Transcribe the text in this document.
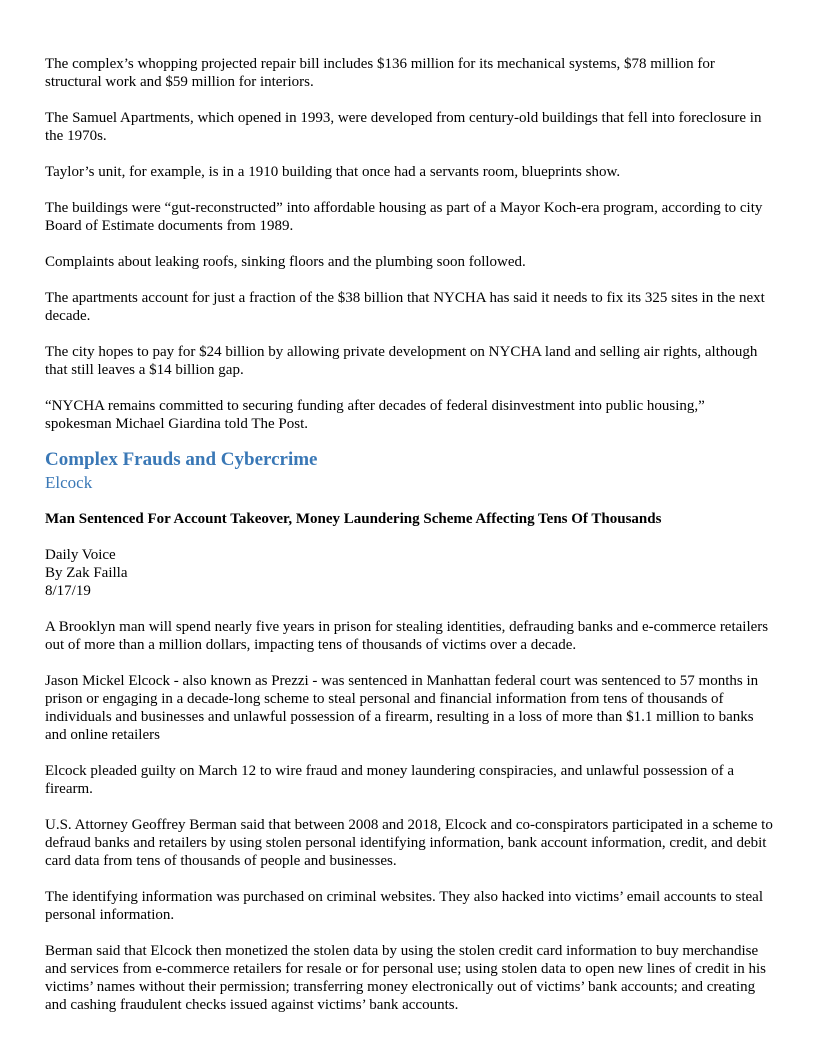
The complex’s whopping projected repair bill includes $136 million for its mechanical systems, $78 million for structural work and $59 million for interiors.

The Samuel Apartments, which opened in 1993, were developed from century-old buildings that fell into foreclosure in the 1970s.

Taylor’s unit, for example, is in a 1910 building that once had a servants room, blueprints show.

The buildings were “gut-reconstructed” into affordable housing as part of a Mayor Koch-era program, according to city Board of Estimate documents from 1989.

Complaints about leaking roofs, sinking floors and the plumbing soon followed.

The apartments account for just a fraction of the $38 billion that NYCHA has said it needs to fix its 325 sites in the next decade.

The city hopes to pay for $24 billion by allowing private development on NYCHA land and selling air rights, although that still leaves a $14 billion gap.

“NYCHA remains committed to securing funding after decades of federal disinvestment into public housing,” spokesman Michael Giardina told The Post.

Complex Frauds and Cybercrime
Elcock

Man Sentenced For Account Takeover, Money Laundering Scheme Affecting Tens Of Thousands

Daily Voice
By Zak Failla
8/17/19

A Brooklyn man will spend nearly five years in prison for stealing identities, defrauding banks and e-commerce retailers out of more than a million dollars, impacting tens of thousands of victims over a decade.

Jason Mickel Elcock - also known as Prezzi - was sentenced in Manhattan federal court was sentenced to 57 months in prison or engaging in a decade-long scheme to steal personal and financial information from tens of thousands of individuals and businesses and unlawful possession of a firearm, resulting in a loss of more than $1.1 million to banks and online retailers

Elcock pleaded guilty on March 12 to wire fraud and money laundering conspiracies, and unlawful possession of a firearm.

U.S. Attorney Geoffrey Berman said that between 2008 and 2018, Elcock and co-conspirators participated in a scheme to defraud banks and retailers by using stolen personal identifying information, bank account information, credit, and debit card data from tens of thousands of people and businesses.

The identifying information was purchased on criminal websites. They also hacked into victims’ email accounts to steal personal information.

Berman said that Elcock then monetized the stolen data by using the stolen credit card information to buy merchandise and services from e-commerce retailers for resale or for personal use; using stolen data to open new lines of credit in his victims’ names without their permission; transferring money electronically out of victims’ bank accounts; and creating and cashing fraudulent checks issued against victims’ bank accounts.
